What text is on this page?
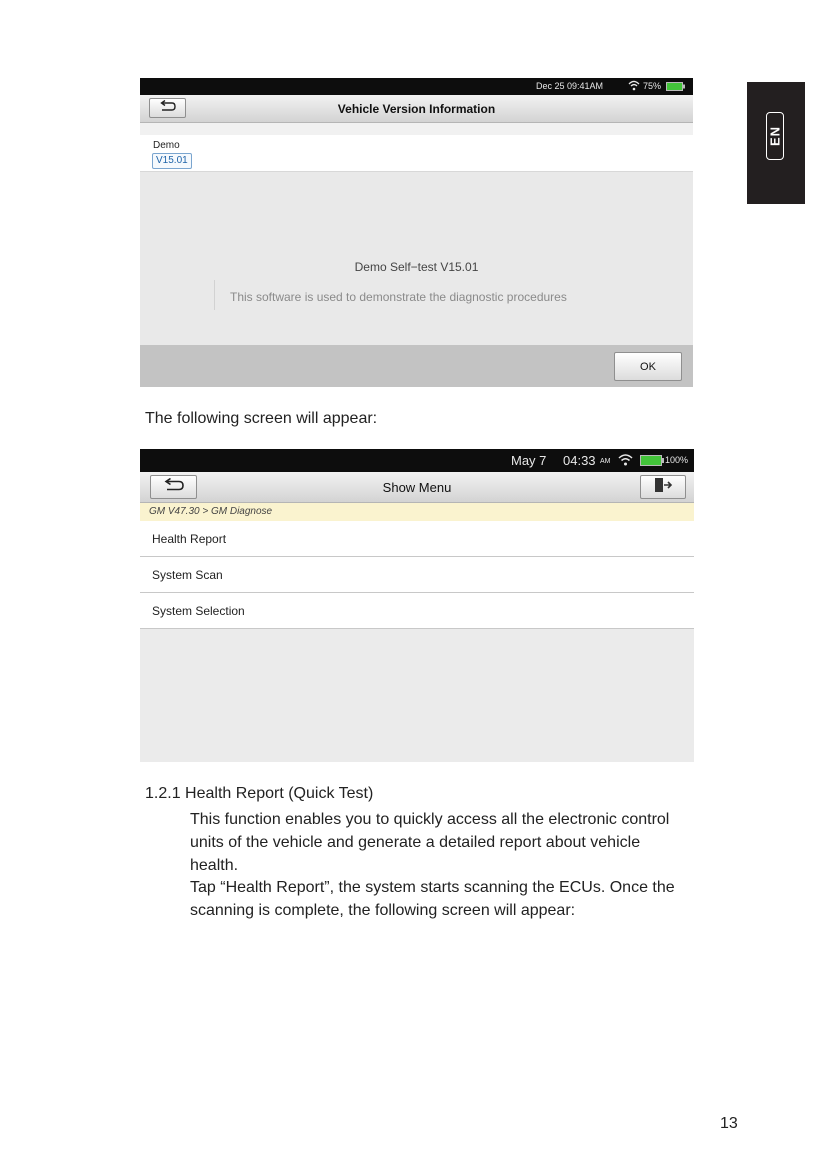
EN
Dec 25 09:41AM	75%
Vehicle Version Information
Demo
V15.01
Demo Self−test V15.01
This software is used to demonstrate the diagnostic procedures
OK
The following screen will appear:
May 7 04:33 AM	100%
Show Menu
GM V47.30 > GM Diagnose
Health Report
System Scan
System Selection
1.2.1 Health Report (Quick Test)
This function enables you to quickly access all the electronic control
units of the vehicle and generate a detailed report about vehicle
health.
Tap “Health Report”, the system starts scanning the ECUs. Once the
scanning is complete, the following screen will appear:
13
